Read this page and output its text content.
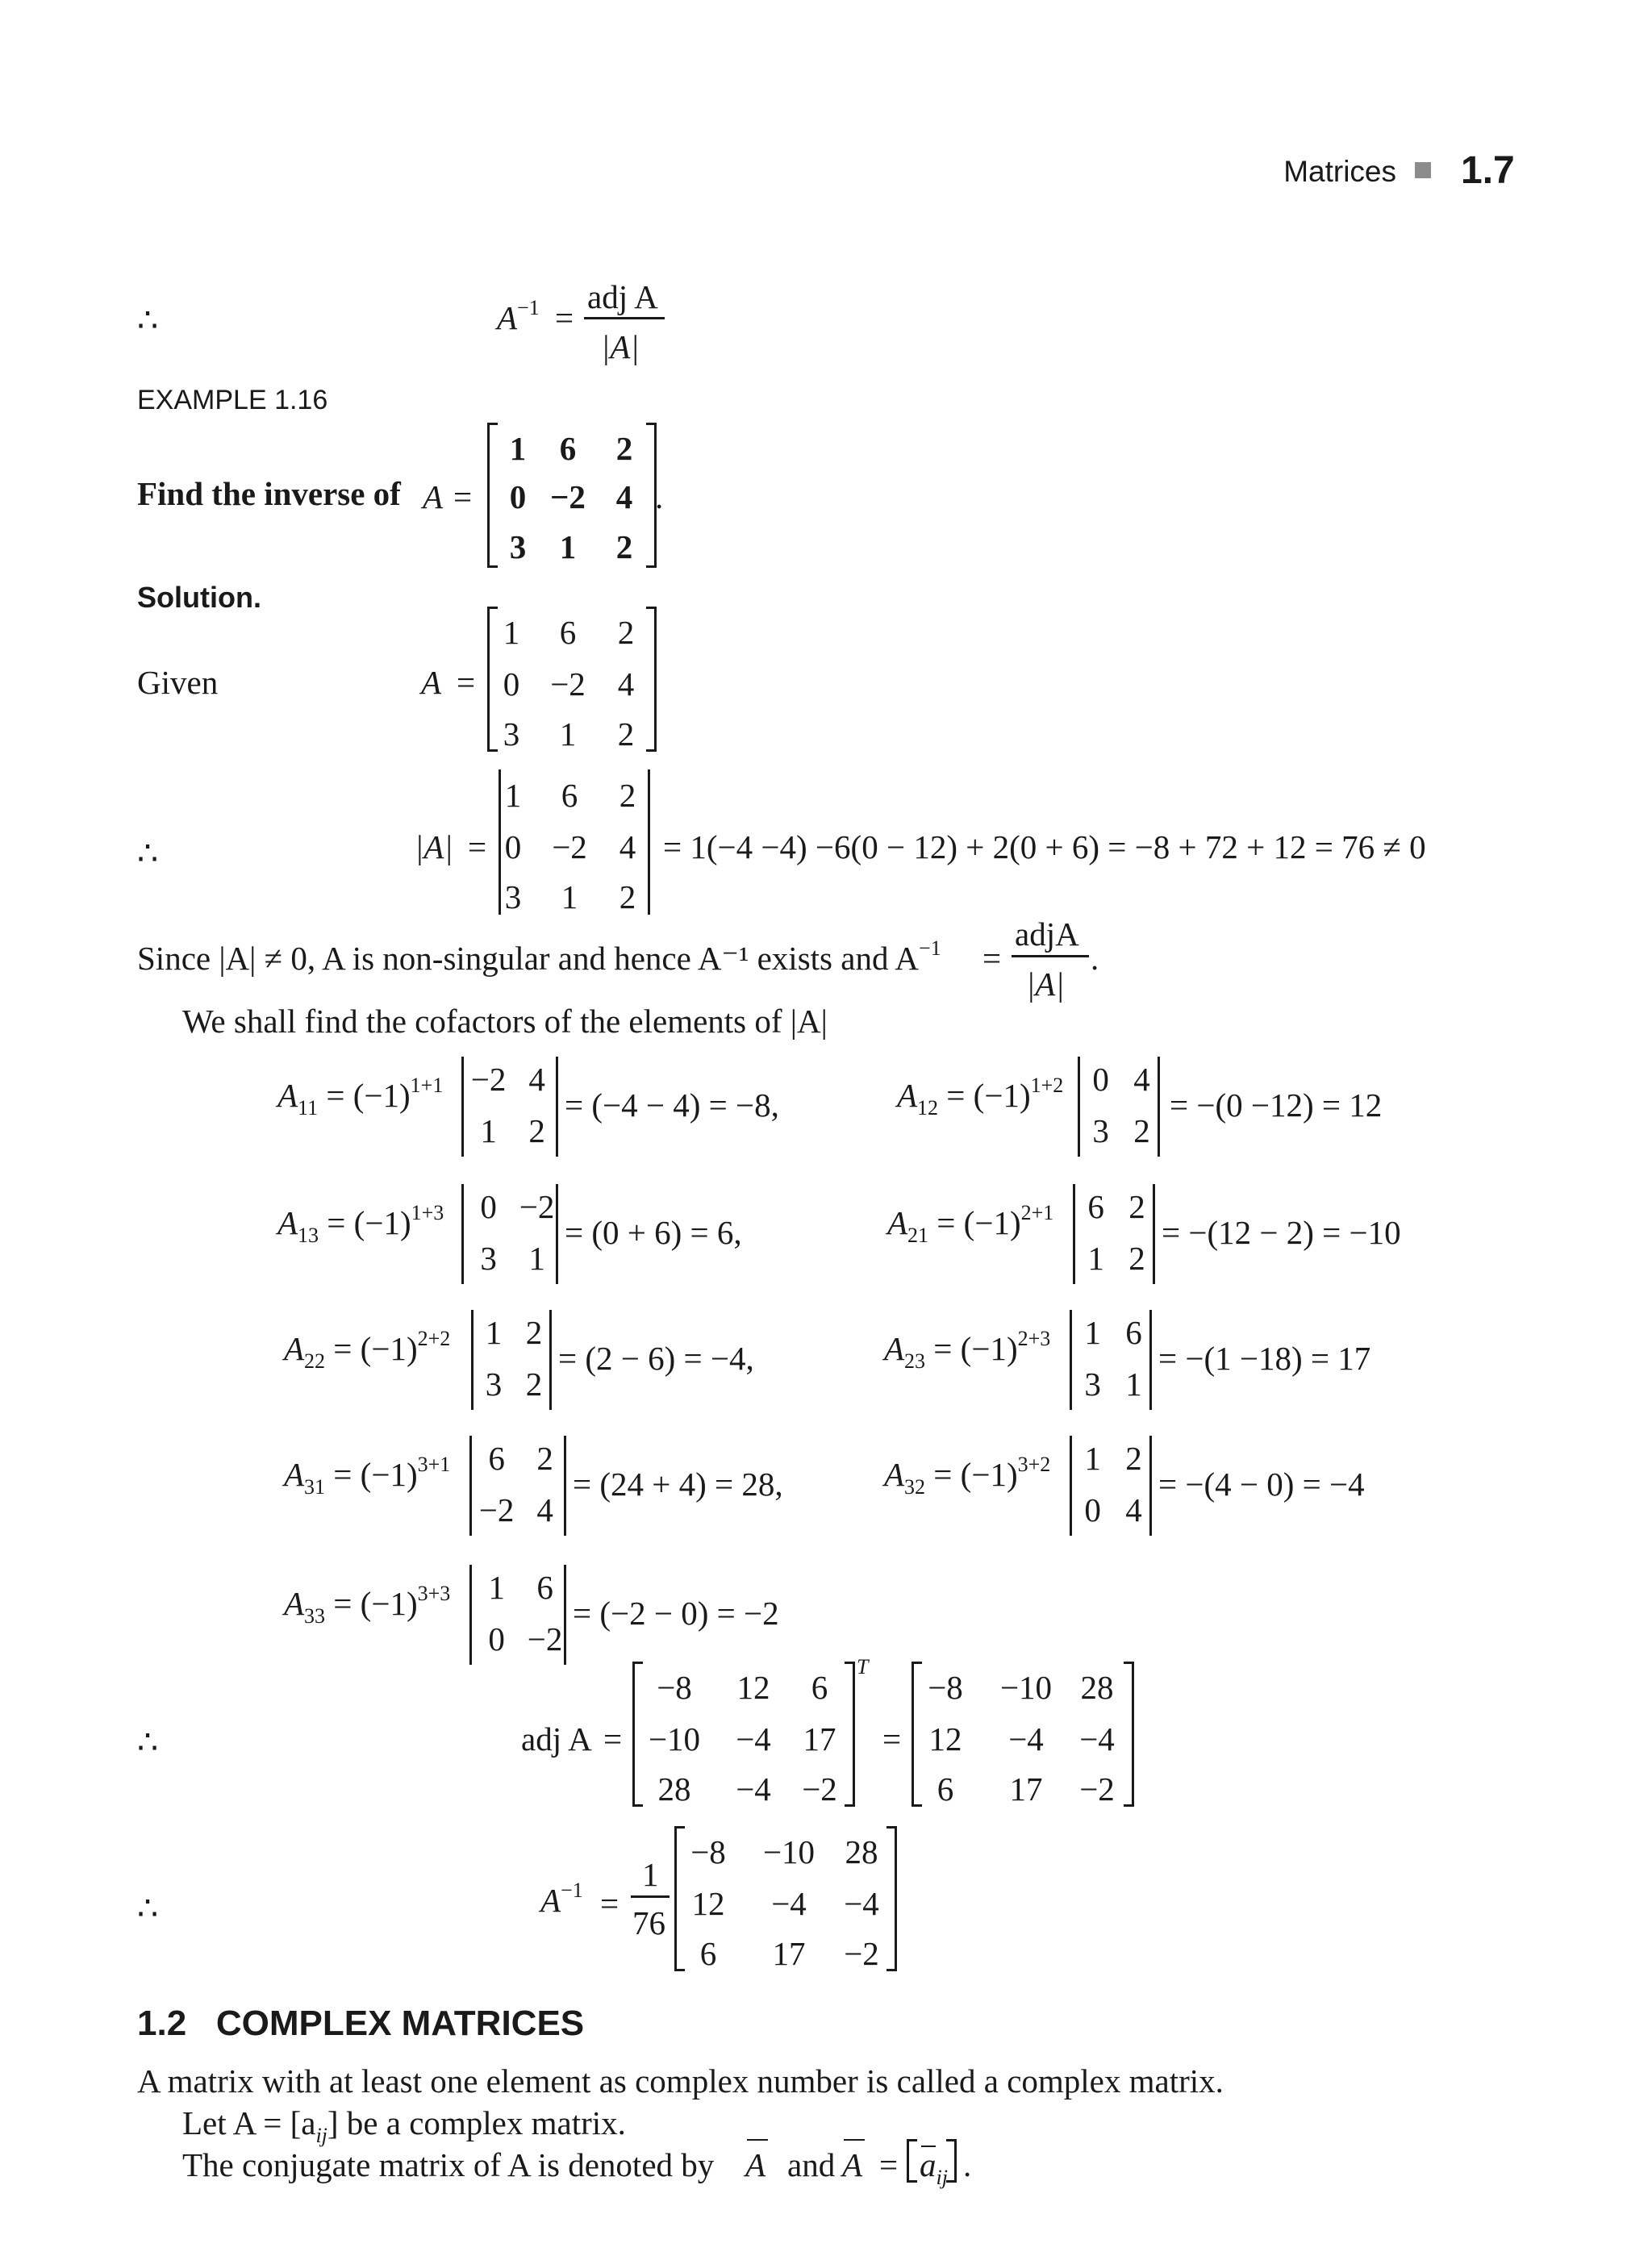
Matrices 1.7
∴	$A^{-1}$ =
adj A
|A|
EXAMPLE 1.16
Find the inverse of A =
1	6	2
0 −2 4
3	1	2
.
Solution.
Given	A =
1	6	2
0 −2 4
3	1	2
∴	|A| =
1	6	2
0 −2 4
3	1	2
= 1(−4 −4) −6(0 − 12) + 2(0 + 6) = −8 + 72 + 12 = 76 ≠ 0
Since |A| ≠ 0, A is non-singular and hence A⁻¹ exists and $A^{-1}$ =
adjA
|A|
.
We shall find the cofactors of the elements of |A|
$A_{11} = (-1)^{1+1} -2$ 4
1 2
= (−4 − 4) = −8,	$A_{12} = (-1)^{1+2}$ 0 4
3 2
= −(0 −12) = 12
$A_{13} = (-1)^{1+3}$	0 −2
3 1
= (0 + 6) = 6,	$A_{21} = (-1)^{2+1}$	6 2
1 2
= −(12 − 2) = −10
$A_{22} = (-1)^{2+2}$	1 2
3 2
= (2 − 6) = −4,	$A_{23} = (-1)^{2+3}$	1 6
3 1
= −(1 −18) = 17
$A_{31} = (-1)^{3+1}$	6 2
−2 4
= (24 + 4) = 28,	$A_{32} = (-1)^{3+2}$	1 2
0 4
= −(4 − 0) = −4
$A_{33} = (-1)^{3+3}$	1 6
0 −2
= (−2 − 0) = −2
∴	adj A =
−8	12	6
−10	−4 17
28	−4 −2
T
=
−8	−10 28
12	−4	−4
6	17	−2
∴	$A^{-1}$ =
1
76
−8	−10 28
12	−4	−4
6	17	−2
1.2   COMPLEX MATRICES
A matrix with at least one element as complex number is called a complex matrix.
Let $A = [a_{ij}]$ be a complex matrix.
The conjugate matrix of A is denoted by A and $A = a_{ij}$ .
